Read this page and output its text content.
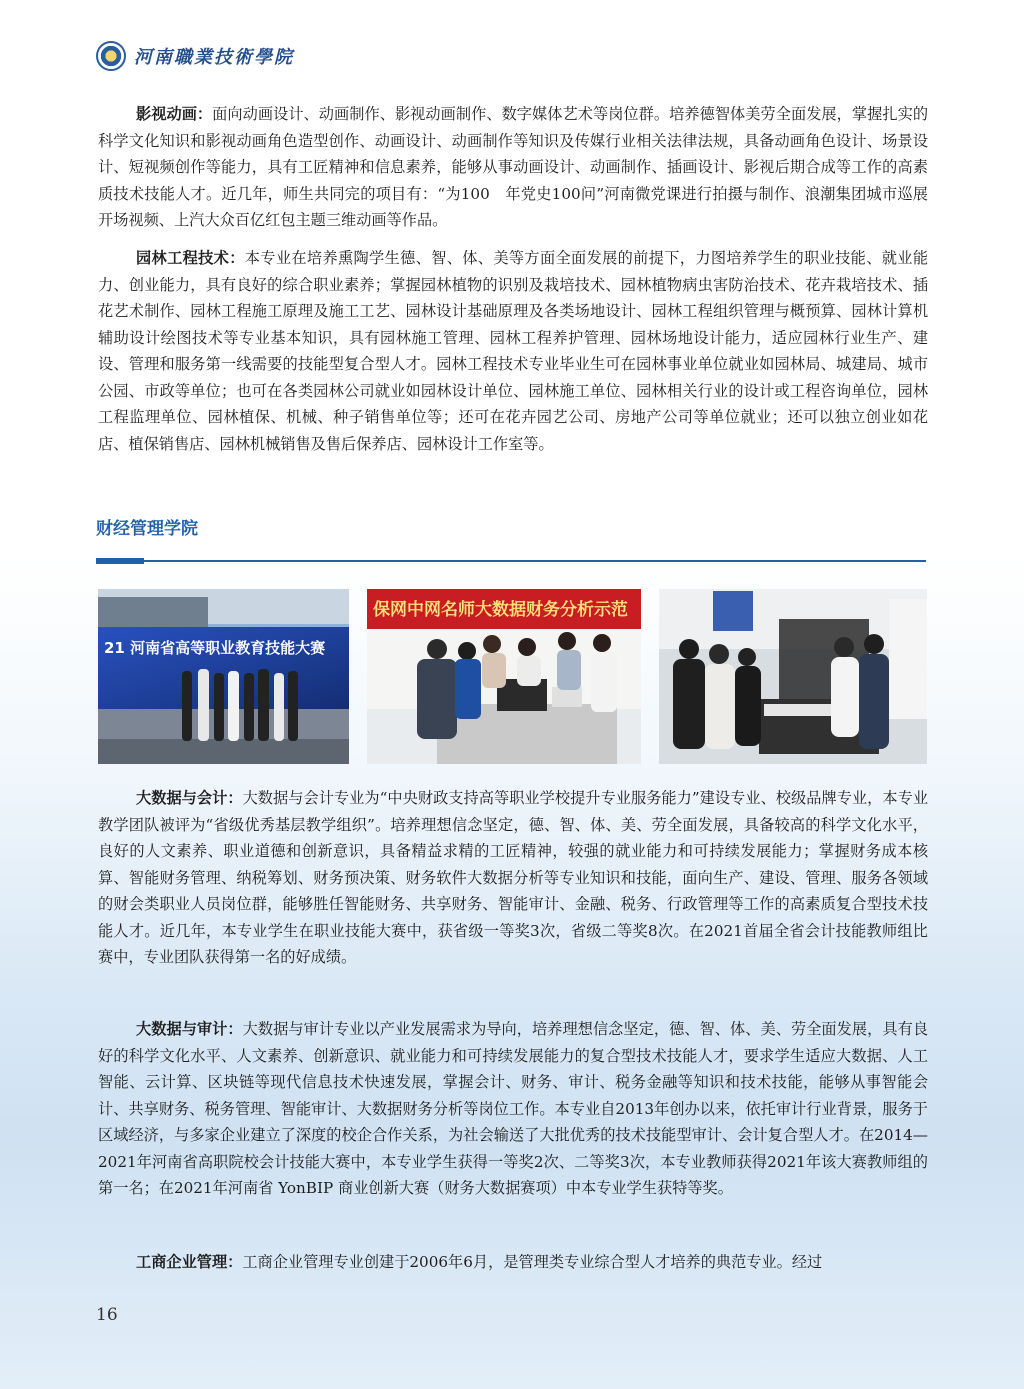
河南職業技術學院

影视动画：面向动画设计、动画制作、影视动画制作、数字媒体艺术等岗位群。培养德智体美劳全面发展，掌握扎实的科学文化知识和影视动画角色造型创作、动画设计、动画制作等知识及传媒行业相关法律法规，具备动画角色设计、场景设计、短视频创作等能力，具有工匠精神和信息素养，能够从事动画设计、动画制作、插画设计、影视后期合成等工作的高素质技术技能人才。近几年，师生共同完的项目有：“为100　年党史100问”河南微党课进行拍摄与制作、浪潮集团城市巡展开场视频、上汽大众百亿红包主题三维动画等作品。

园林工程技术：本专业在培养熏陶学生德、智、体、美等方面全面发展的前提下，力图培养学生的职业技能、就业能力、创业能力，具有良好的综合职业素养；掌握园林植物的识别及栽培技术、园林植物病虫害防治技术、花卉栽培技术、插花艺术制作、园林工程施工原理及施工工艺、园林设计基础原理及各类场地设计、园林工程组织管理与概预算、园林计算机辅助设计绘图技术等专业基本知识，具有园林施工管理、园林工程养护管理、园林场地设计能力，适应园林行业生产、建设、管理和服务第一线需要的技能型复合型人才。园林工程技术专业毕业生可在园林事业单位就业如园林局、城建局、城市公园、市政等单位；也可在各类园林公司就业如园林设计单位、园林施工单位、园林相关行业的设计或工程咨询单位，园林工程监理单位、园林植保、机械、种子销售单位等；还可在花卉园艺公司、房地产公司等单位就业；还可以独立创业如花店、植保销售店、园林机械销售及售后保养店、园林设计工作室等。

财经管理学院
21 河南省高等职业教育技能大赛
保网中网名师大数据财务分析示范

大数据与会计：大数据与会计专业为“中央财政支持高等职业学校提升专业服务能力”建设专业、校级品牌专业，本专业教学团队被评为“省级优秀基层教学组织”。培养理想信念坚定，德、智、体、美、劳全面发展，具备较高的科学文化水平，良好的人文素养、职业道德和创新意识，具备精益求精的工匠精神，较强的就业能力和可持续发展能力；掌握财务成本核算、智能财务管理、纳税筹划、财务预决策、财务软件大数据分析等专业知识和技能，面向生产、建设、管理、服务各领域的财会类职业人员岗位群，能够胜任智能财务、共享财务、智能审计、金融、税务、行政管理等工作的高素质复合型技术技能人才。近几年，本专业学生在职业技能大赛中，获省级一等奖3次，省级二等奖8次。在2021首届全省会计技能教师组比赛中，专业团队获得第一名的好成绩。

大数据与审计：大数据与审计专业以产业发展需求为导向，培养理想信念坚定，德、智、体、美、劳全面发展，具有良好的科学文化水平、人文素养、创新意识、就业能力和可持续发展能力的复合型技术技能人才，要求学生适应大数据、人工智能、云计算、区块链等现代信息技术快速发展，掌握会计、财务、审计、税务金融等知识和技术技能，能够从事智能会计、共享财务、税务管理、智能审计、大数据财务分析等岗位工作。本专业自2013年创办以来，依托审计行业背景，服务于区域经济，与多家企业建立了深度的校企合作关系，为社会输送了大批优秀的技术技能型审计、会计复合型人才。在2014—2021年河南省高职院校会计技能大赛中，本专业学生获得一等奖2次、二等奖3次，本专业教师获得2021年该大赛教师组的第一名；在2021年河南省 YonBIP 商业创新大赛（财务大数据赛项）中本专业学生获特等奖。

工商企业管理：工商企业管理专业创建于2006年6月，是管理类专业综合型人才培养的典范专业。经过

16
